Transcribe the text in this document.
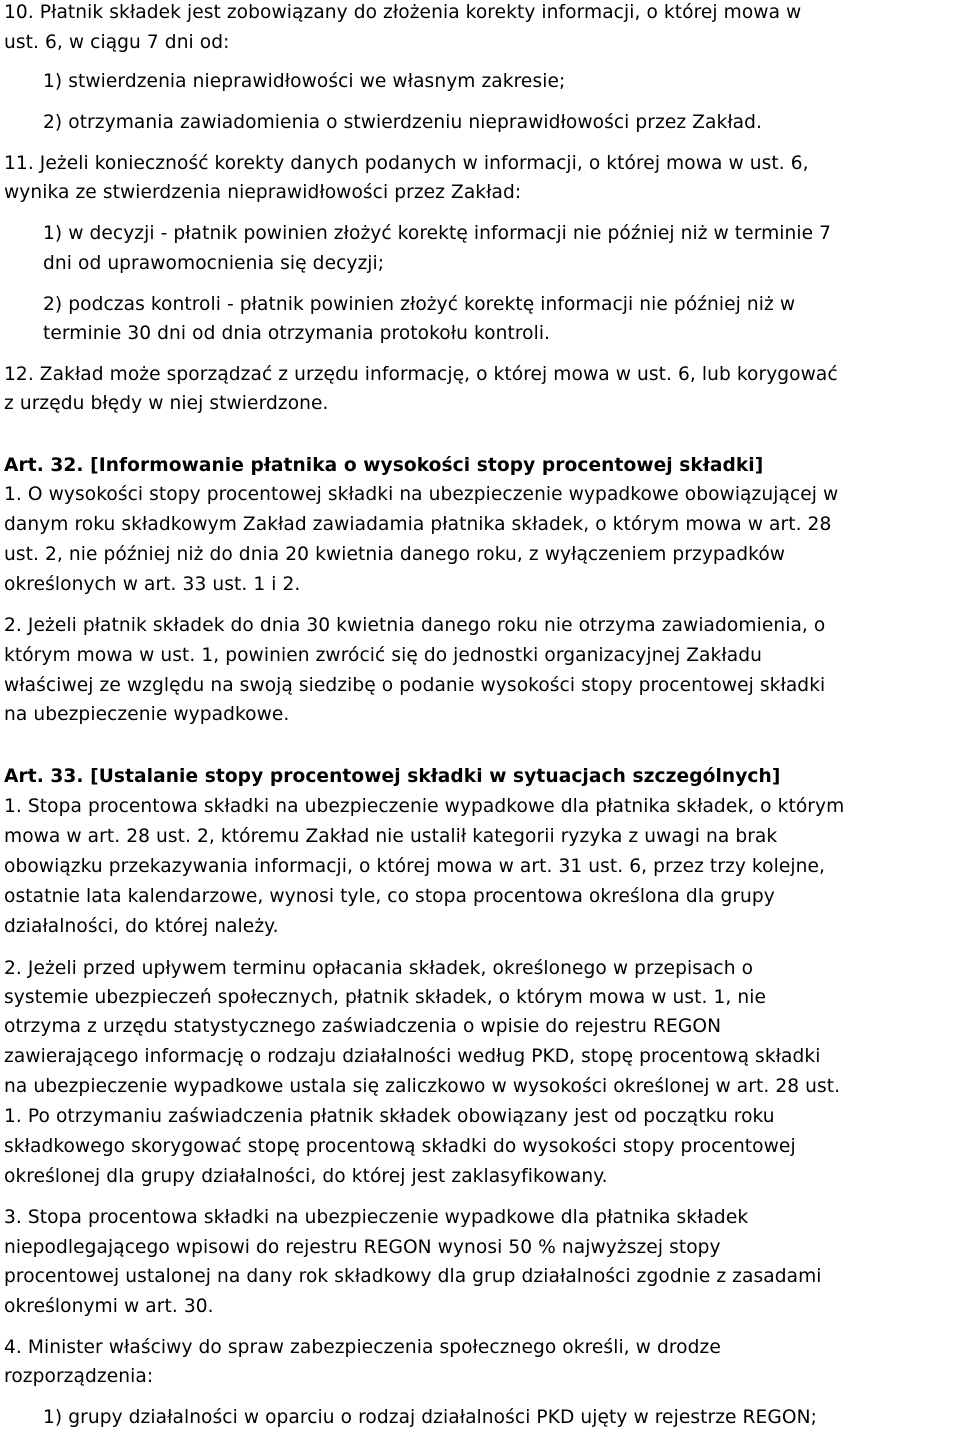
10. Płatnik składek jest zobowiązany do złożenia korekty informacji, o której mowa w
ust. 6, w ciągu 7 dni od:
1) stwierdzenia nieprawidłowości we własnym zakresie;
2) otrzymania zawiadomienia o stwierdzeniu nieprawidłowości przez Zakład.
11. Jeżeli konieczność korekty danych podanych w informacji, o której mowa w ust. 6,
wynika ze stwierdzenia nieprawidłowości przez Zakład:
1) w decyzji - płatnik powinien złożyć korektę informacji nie później niż w terminie 7
dni od uprawomocnienia się decyzji;
2) podczas kontroli - płatnik powinien złożyć korektę informacji nie później niż w
terminie 30 dni od dnia otrzymania protokołu kontroli.
12. Zakład może sporządzać z urzędu informację, o której mowa w ust. 6, lub korygować
z urzędu błędy w niej stwierdzone.
Art. 32. [Informowanie płatnika o wysokości stopy procentowej składki]
1. O wysokości stopy procentowej składki na ubezpieczenie wypadkowe obowiązującej w
danym roku składkowym Zakład zawiadamia płatnika składek, o którym mowa w art. 28
ust. 2, nie później niż do dnia 20 kwietnia danego roku, z wyłączeniem przypadków
określonych w art. 33 ust. 1 i 2.
2. Jeżeli płatnik składek do dnia 30 kwietnia danego roku nie otrzyma zawiadomienia, o
którym mowa w ust. 1, powinien zwrócić się do jednostki organizacyjnej Zakładu
właściwej ze względu na swoją siedzibę o podanie wysokości stopy procentowej składki
na ubezpieczenie wypadkowe.
Art. 33. [Ustalanie stopy procentowej składki w sytuacjach szczególnych]
1. Stopa procentowa składki na ubezpieczenie wypadkowe dla płatnika składek, o którym
mowa w art. 28 ust. 2, któremu Zakład nie ustalił kategorii ryzyka z uwagi na brak
obowiązku przekazywania informacji, o której mowa w art. 31 ust. 6, przez trzy kolejne,
ostatnie lata kalendarzowe, wynosi tyle, co stopa procentowa określona dla grupy
działalności, do której należy.
2. Jeżeli przed upływem terminu opłacania składek, określonego w przepisach o
systemie ubezpieczeń społecznych, płatnik składek, o którym mowa w ust. 1, nie
otrzyma z urzędu statystycznego zaświadczenia o wpisie do rejestru REGON
zawierającego informację o rodzaju działalności według PKD, stopę procentową składki
na ubezpieczenie wypadkowe ustala się zaliczkowo w wysokości określonej w art. 28 ust.
1. Po otrzymaniu zaświadczenia płatnik składek obowiązany jest od początku roku
składkowego skorygować stopę procentową składki do wysokości stopy procentowej
określonej dla grupy działalności, do której jest zaklasyfikowany.
3. Stopa procentowa składki na ubezpieczenie wypadkowe dla płatnika składek
niepodlegającego wpisowi do rejestru REGON wynosi 50 % najwyższej stopy
procentowej ustalonej na dany rok składkowy dla grup działalności zgodnie z zasadami
określonymi w art. 30.
4. Minister właściwy do spraw zabezpieczenia społecznego określi, w drodze
rozporządzenia:
1) grupy działalności w oparciu o rodzaj działalności PKD ujęty w rejestrze REGON;
